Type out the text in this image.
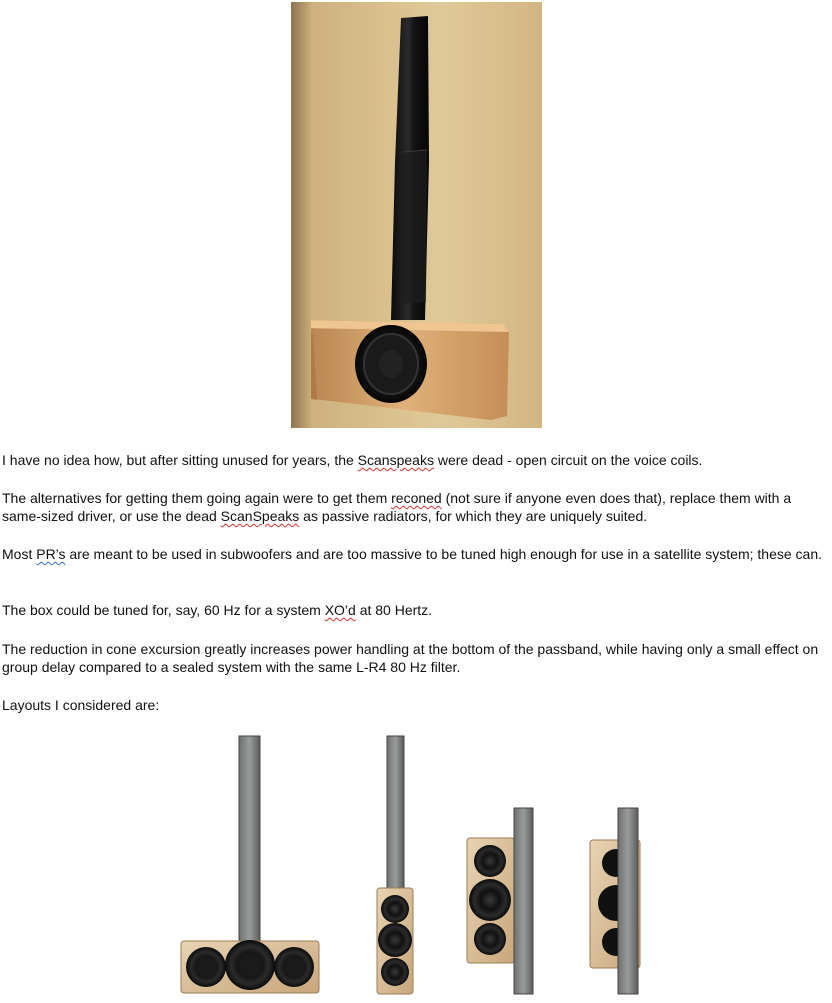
I have no idea how, but after sitting unused for years, the Scanspeaks were dead - open circuit on the voice coils.

The alternatives for getting them going again were to get them reconed (not sure if anyone even does that), replace them with a same-sized driver, or use the dead ScanSpeaks as passive radiators, for which they are uniquely suited.

Most PR’s are meant to be used in subwoofers and are too massive to be tuned high enough for use in a satellite system; these can.

The box could be tuned for, say, 60 Hz for a system XO’d at 80 Hertz.

The reduction in cone excursion greatly increases power handling at the bottom of the passband, while having only a small effect on group delay compared to a sealed system with the same L-R4 80 Hz filter.

Layouts I considered are:
